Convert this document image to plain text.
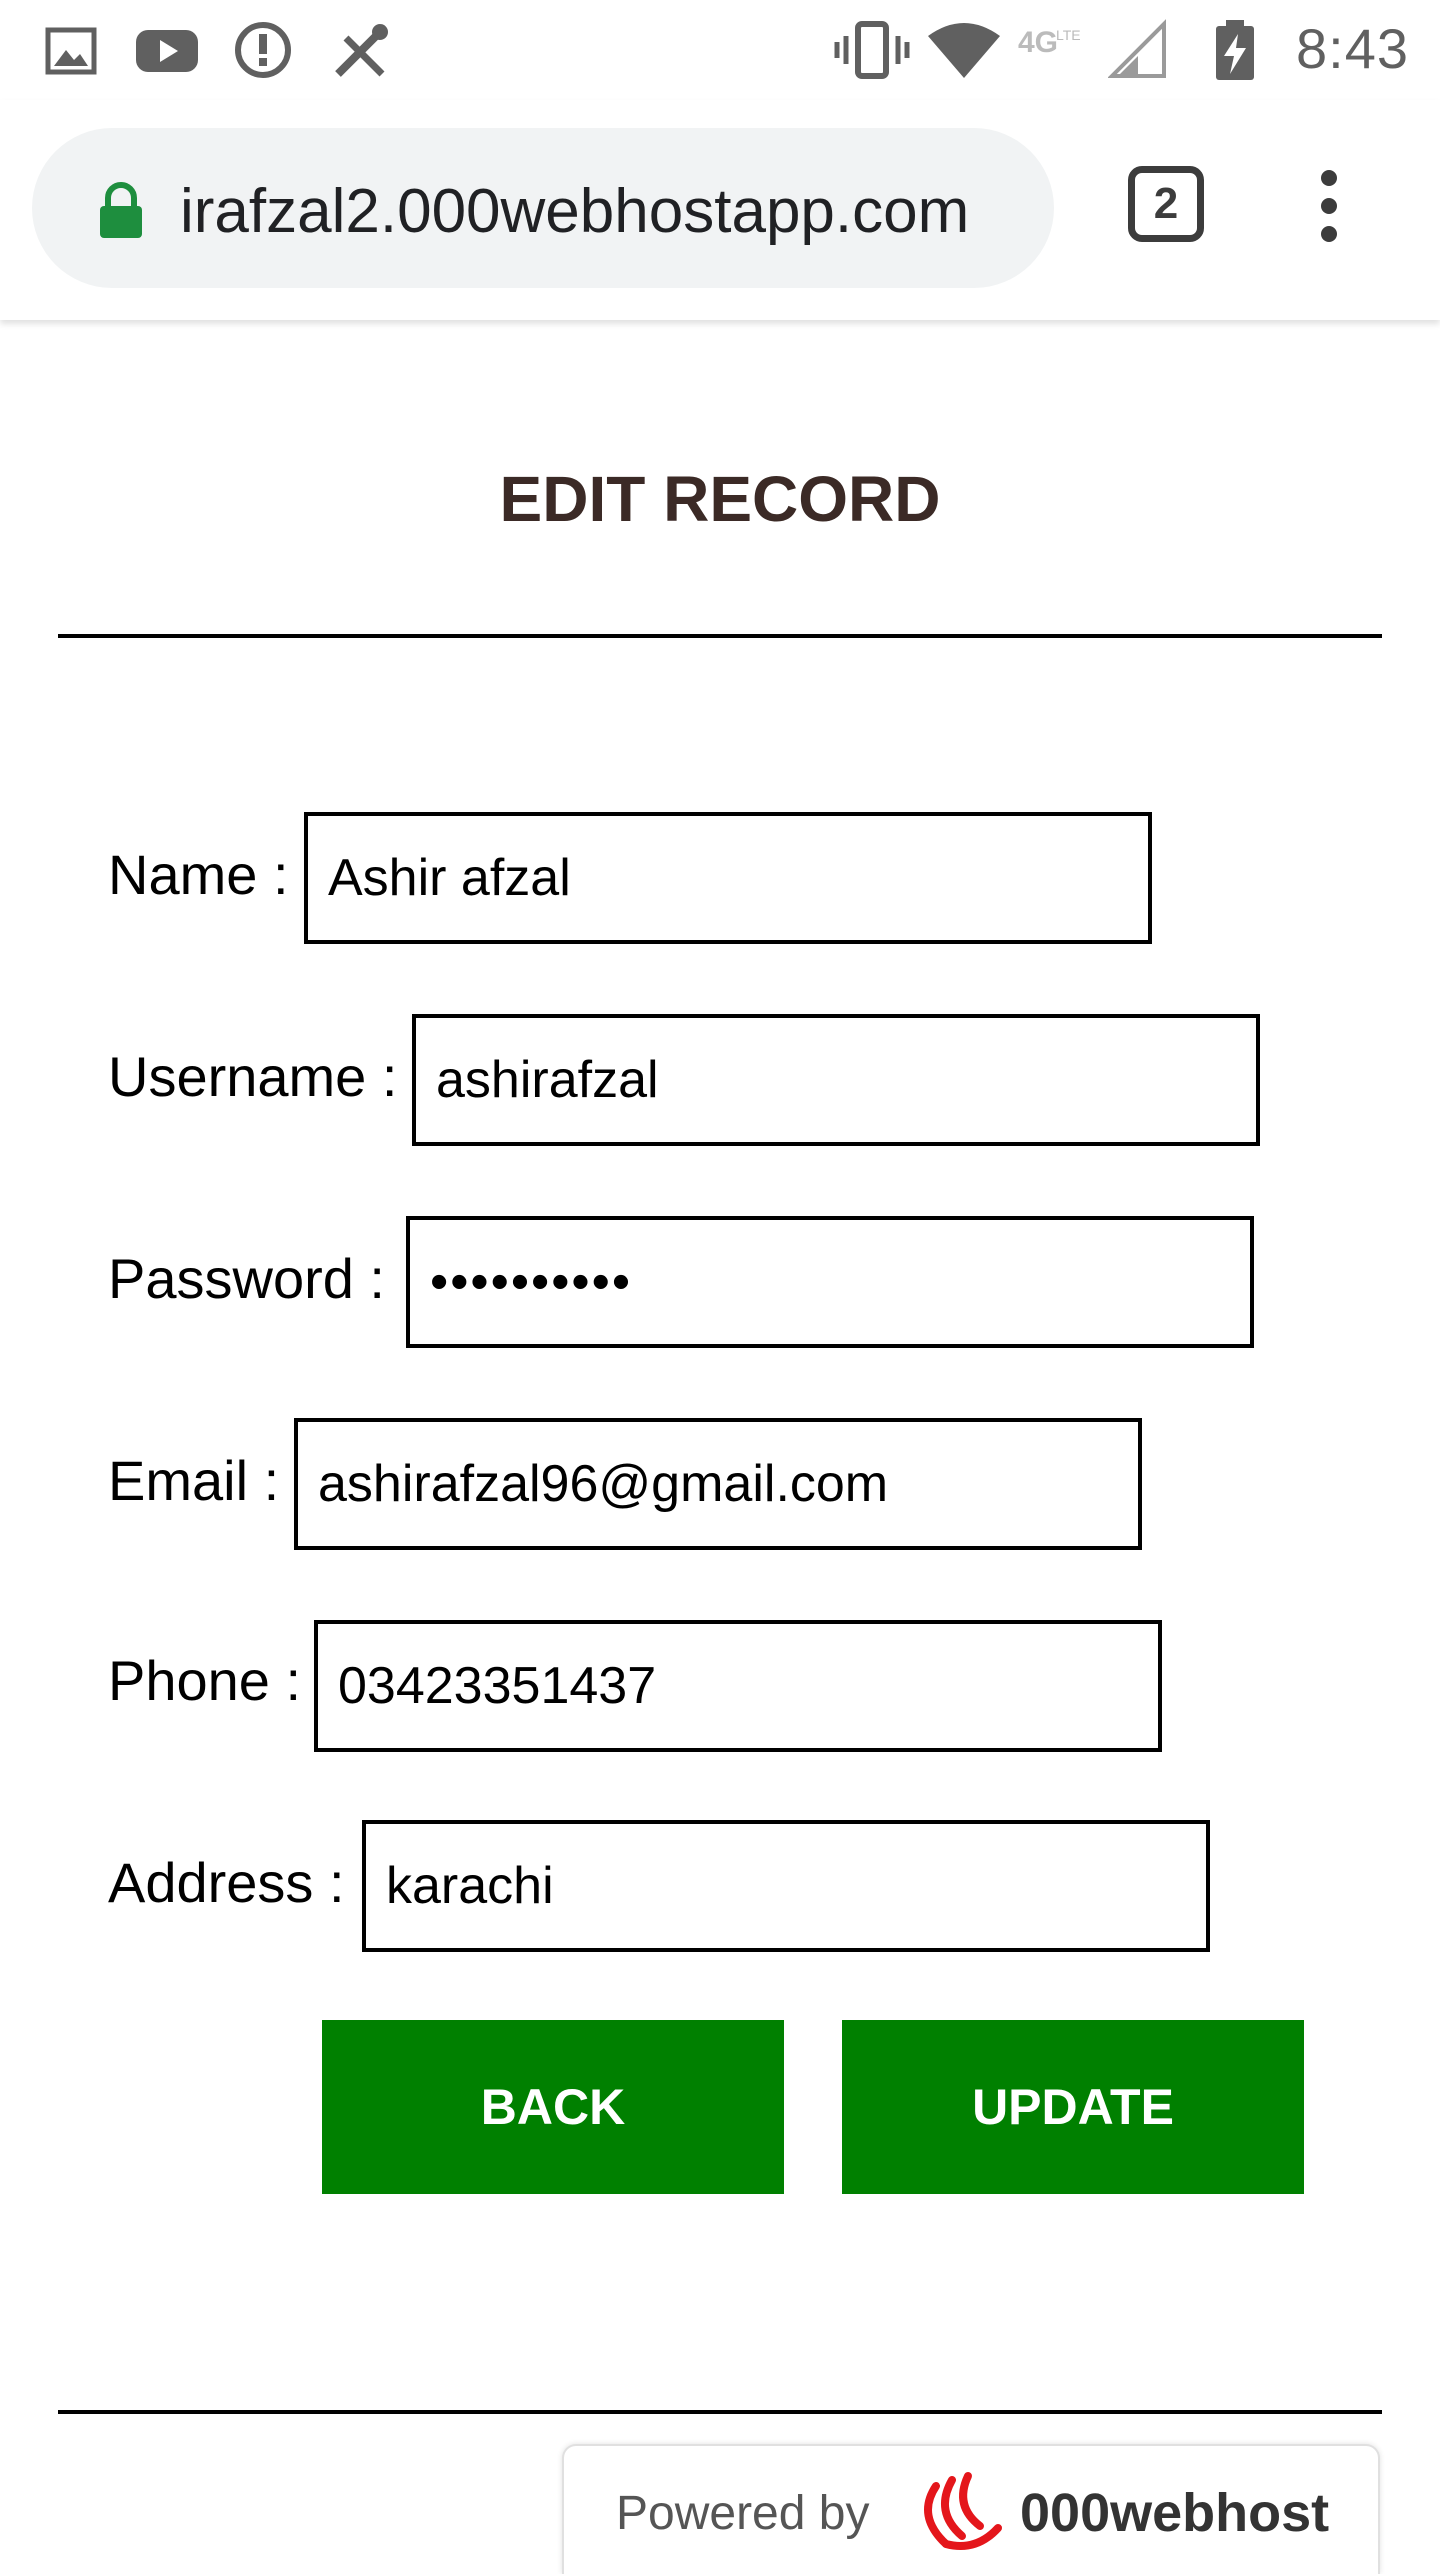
4G
LTE	8:43
irafzal2.000webhostapp.com	2
EDIT RECORD
Name :
Ashir afzal
Username :
ashirafzal
Password :
••••••••••
Email :
ashirafzal96@gmail.com
Phone :
03423351437
Address :
karachi
BACK	UPDATE
Powered by	000webhost
